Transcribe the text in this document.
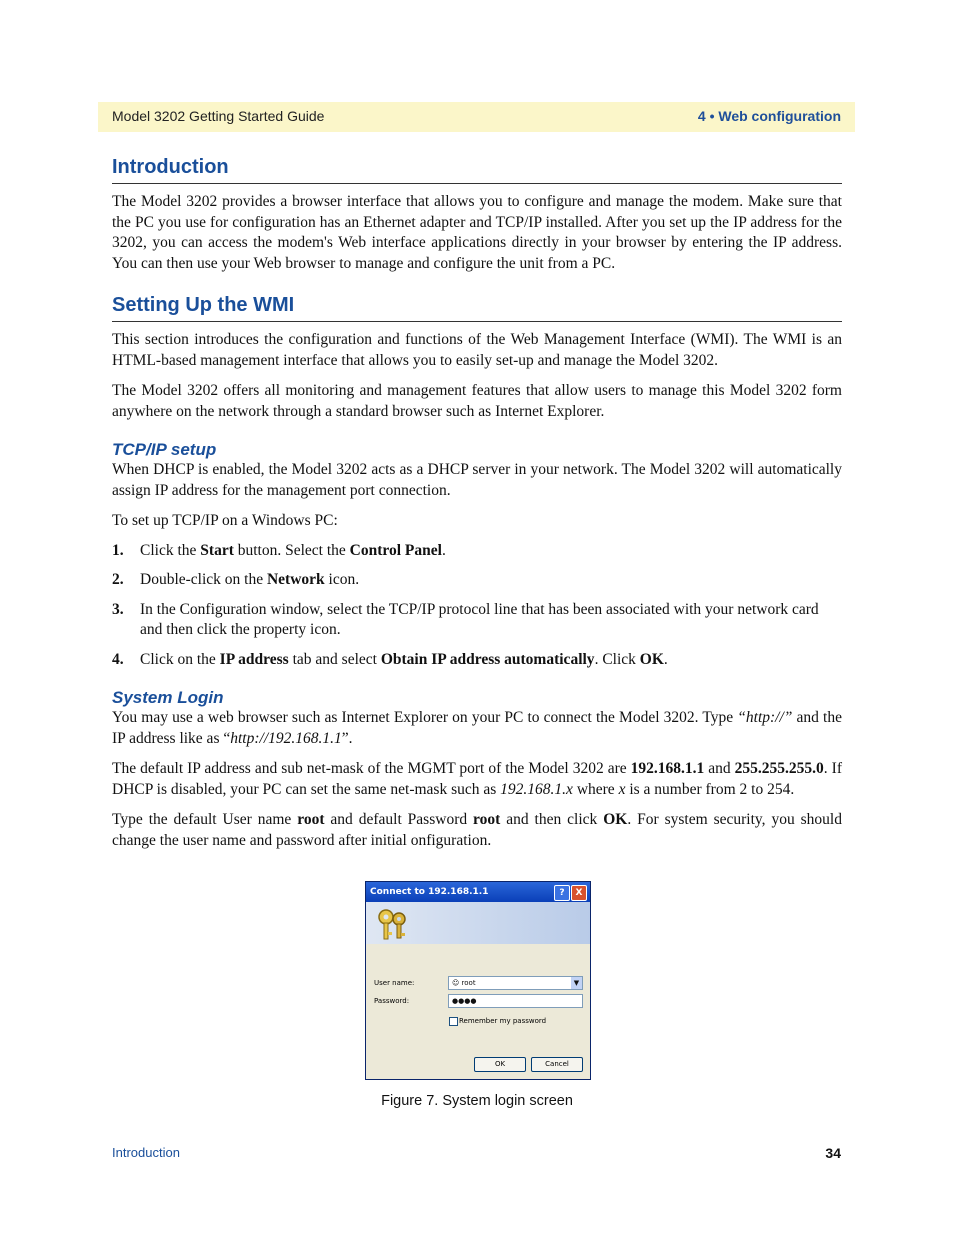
Model 3202 Getting Started Guide	4 • Web configuration
Introduction

The Model 3202 provides a browser interface that allows you to configure and manage the modem. Make sure that the PC you use for configuration has an Ethernet adapter and TCP/IP installed. After you set up the IP address for the 3202, you can access the modem's Web interface applications directly in your browser by entering the IP address. You can then use your Web browser to manage and configure the unit from a PC.

Setting Up the WMI

This section introduces the configuration and functions of the Web Management Interface (WMI). The WMI is an HTML-based management interface that allows you to easily set-up and manage the Model 3202.

The Model 3202 offers all monitoring and management features that allow users to manage this Model 3202 form anywhere on the network through a standard browser such as Internet Explorer.

TCP/IP setup

When DHCP is enabled, the Model 3202 acts as a DHCP server in your network. The Model 3202 will automatically assign IP address for the management port connection.

To set up TCP/IP on a Windows PC:

1. Click the Start button. Select the Control Panel.
2. Double-click on the Network icon.
3. In the Configuration window, select the TCP/IP protocol line that has been associated with your network card and then click the property icon.
4. Click on the IP address tab and select Obtain IP address automatically. Click OK.
System Login

You may use a web browser such as Internet Explorer on your PC to connect the Model 3202. Type “http://” and the IP address like as “http://192.168.1.1”.

The default IP address and sub net-mask of the MGMT port of the Model 3202 are 192.168.1.1 and 255.255.255.0. If DHCP is disabled, your PC can set the same net-mask such as 192.168.1.x where x is a number from 2 to 254.

Type the default User name root and default Password root and then click OK. For system security, you should change the user name and password after initial onfiguration.

Connect to 192.168.1.1	?	X
User name:	☺ root	▼
Password:	●●●●
Remember my password
OK	Cancel
Figure 7. System login screen
Introduction	34
